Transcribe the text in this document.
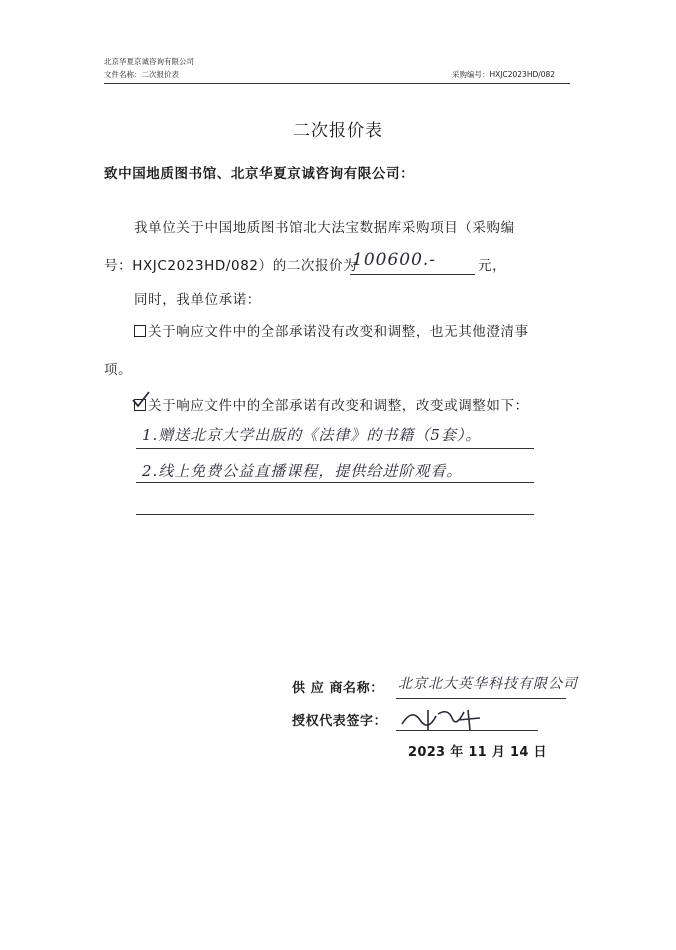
北京华夏京诚咨询有限公司
文件名称：二次报价表	采购编号：HXJC2023HD/082
二次报价表
致中国地质图书馆、北京华夏京诚咨询有限公司：
我单位关于中国地质图书馆北大法宝数据库采购项目（采购编
号：HXJC2023HD/082）的二次报价为
100600.-	元，
同时，我单位承诺：
关于响应文件中的全部承诺没有改变和调整，也无其他澄清事
项。
关于响应文件中的全部承诺有改变和调整，改变或调整如下：
1.赠送北京大学出版的《法律》的书籍（5套）。
2.线上免费公益直播课程，提供给进阶观看。
供 应 商名称： 北京北大英华科技有限公司
授权代表签字：
2023 年 11 月 14 日
